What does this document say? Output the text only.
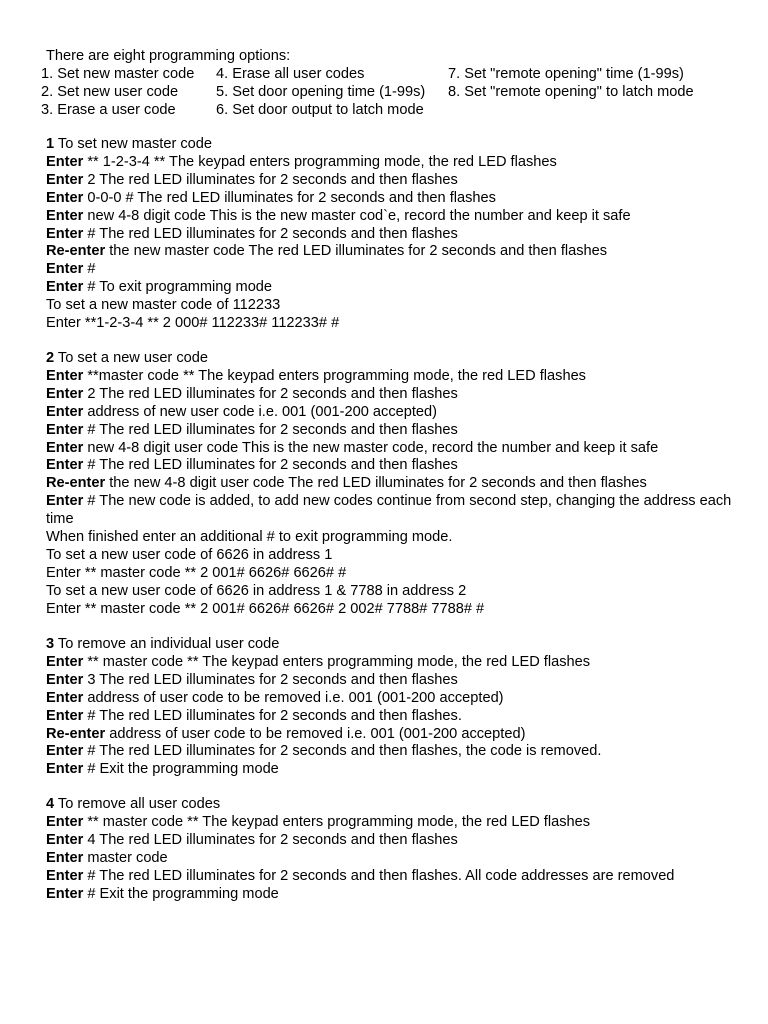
There are eight programming options:
1. Set new master code
2. Set new user code
3. Erase a user code
4. Erase all user codes
5. Set door opening time (1-99s)
6. Set door output to latch mode
7. Set "remote opening" time (1-99s)
8. Set "remote opening" to latch mode
1 To set new master code
Enter ** 1-2-3-4 ** The keypad enters programming mode, the red LED flashes
Enter 2 The red LED illuminates for 2 seconds and then flashes
Enter 0-0-0 # The red LED illuminates for 2 seconds and then flashes
Enter new 4-8 digit code This is the new master cod`e, record the number and keep it safe
Enter # The red LED illuminates for 2 seconds and then flashes
Re-enter the new master code The red LED illuminates for 2 seconds and then flashes
Enter #
Enter # To exit programming mode
To set a new master code of 112233
Enter **1-2-3-4 ** 2 000# 112233# 112233# #
2 To set a new user code
Enter **master code ** The keypad enters programming mode, the red LED flashes
Enter 2 The red LED illuminates for 2 seconds and then flashes
Enter address of new user code i.e. 001 (001-200 accepted)
Enter # The red LED illuminates for 2 seconds and then flashes
Enter new 4-8 digit user code This is the new master code, record the number and keep it safe
Enter # The red LED illuminates for 2 seconds and then flashes
Re-enter the new 4-8 digit user code The red LED illuminates for 2 seconds and then flashes
Enter # The new code is added, to add new codes continue from second step, changing the address each time
When finished enter an additional # to exit programming mode.
To set a new user code of 6626 in address 1
Enter ** master code ** 2 001# 6626# 6626# #
To set a new user code of 6626 in address 1 & 7788 in address 2
Enter ** master code ** 2 001# 6626# 6626# 2 002# 7788# 7788# #
3 To remove an individual user code
Enter ** master code ** The keypad enters programming mode, the red LED flashes
Enter 3 The red LED illuminates for 2 seconds and then flashes
Enter address of user code to be removed i.e. 001 (001-200 accepted)
Enter # The red LED illuminates for 2 seconds and then flashes.
Re-enter address of user code to be removed i.e. 001 (001-200 accepted)
Enter # The red LED illuminates for 2 seconds and then flashes, the code is removed.
Enter # Exit the programming mode
4 To remove all user codes
Enter ** master code ** The keypad enters programming mode, the red LED flashes
Enter 4 The red LED illuminates for 2 seconds and then flashes
Enter master code
Enter # The red LED illuminates for 2 seconds and then flashes. All code addresses are removed
Enter # Exit the programming mode
